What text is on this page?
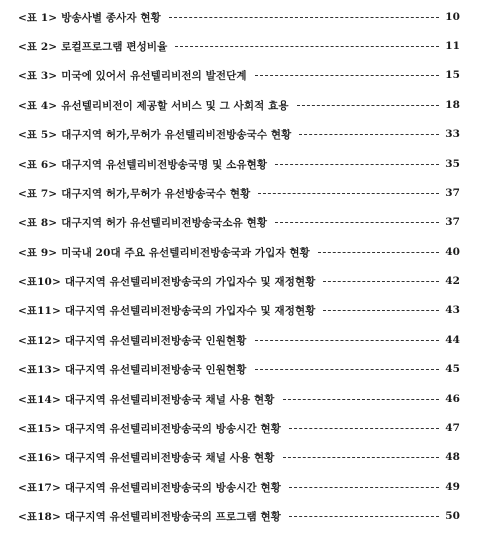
<표 1> 방송사별 종사자 현황	10
<표 2> 로컬프로그램 편성비율	11
<표 3> 미국에 있어서 유선텔리비전의 발전단계	15
<표 4> 유선텔리비전이 제공할 서비스 및 그 사회적 효용	18
<표 5> 대구지역 허가,무허가 유선텔리비전방송국수 현황	33
<표 6> 대구지역 유선텔리비전방송국명 및 소유현황	35
<표 7> 대구지역 허가,무허가 유선방송국수 현황	37
<표 8> 대구지역 허가 유선텔리비전방송국소유 현황	37
<표 9> 미국내 20대 주요 유선텔리비전방송국과 가입자 현황	40
<표10> 대구지역 유선텔리비전방송국의 가입자수 및 재정현황	42
<표11> 대구지역 유선텔리비전방송국의 가입자수 및 재정현황	43
<표12> 대구지역 유선텔리비전방송국 인원현황	44
<표13> 대구지역 유선텔리비전방송국 인원현황	45
<표14> 대구지역 유선텔리비전방송국 채널 사용 현황	46
<표15> 대구지역 유선텔리비전방송국의 방송시간 현황	47
<표16> 대구지역 유선텔리비전방송국 채널 사용 현황	48
<표17> 대구지역 유선텔리비전방송국의 방송시간 현황	49
<표18> 대구지역 유선텔리비전방송국의 프로그램 현황	50
